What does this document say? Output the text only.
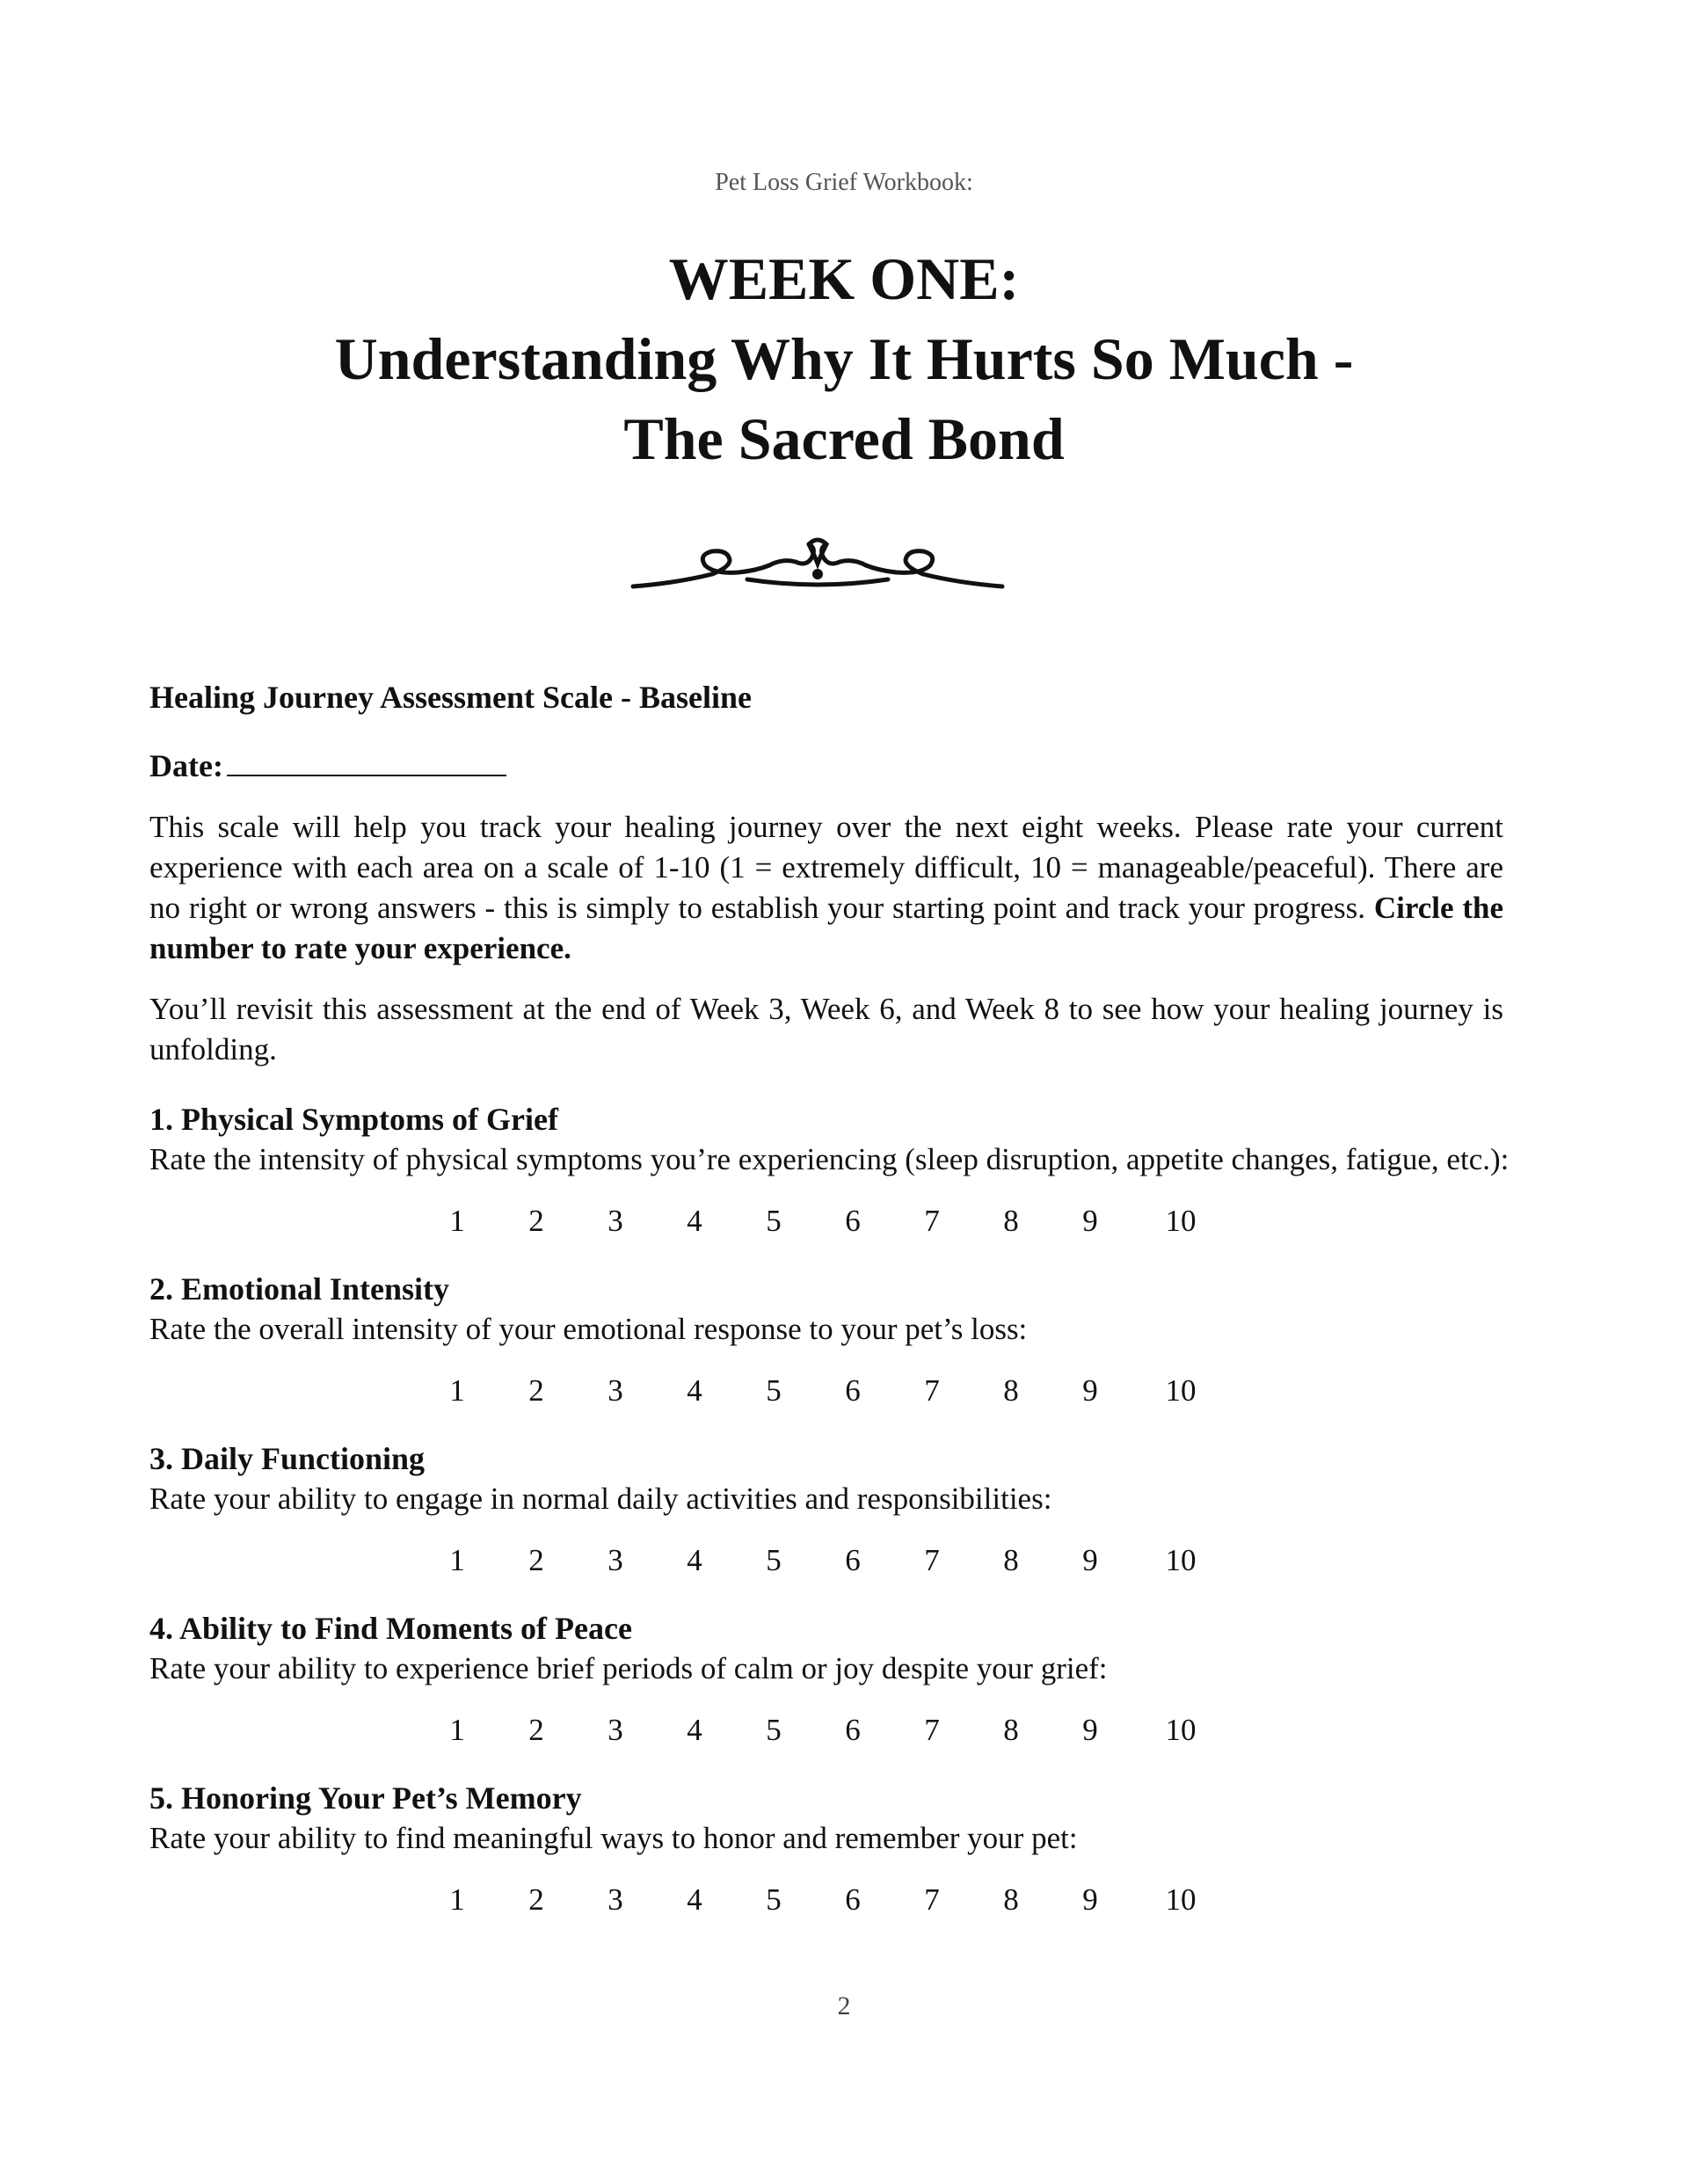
Pet Loss Grief Workbook:
WEEK ONE:
Understanding Why It Hurts So Much -
The Sacred Bond
Healing Journey Assessment Scale - Baseline
Date:
This scale will help you track your healing journey over the next eight weeks. Please rate your current experience with each area on a scale of 1-10 (1 = extremely difficult, 10 = manageable/peaceful). There are no right or wrong answers - this is simply to establish your starting point and track your progress. Circle the number to rate your experience.
You’ll revisit this assessment at the end of Week 3, Week 6, and Week 8 to see how your healing journey is unfolding.
1. Physical Symptoms of Grief
Rate the intensity of physical symptoms you’re experiencing (sleep disruption, appetite changes, fatigue, etc.):
1	2	3	4	5	6	7	8	9	10
2. Emotional Intensity
Rate the overall intensity of your emotional response to your pet’s loss:
1	2	3	4	5	6	7	8	9	10
3. Daily Functioning
Rate your ability to engage in normal daily activities and responsibilities:
1	2	3	4	5	6	7	8	9	10
4. Ability to Find Moments of Peace
Rate your ability to experience brief periods of calm or joy despite your grief:
1	2	3	4	5	6	7	8	9	10
5. Honoring Your Pet’s Memory
Rate your ability to find meaningful ways to honor and remember your pet:
1	2	3	4	5	6	7	8	9	10
2
